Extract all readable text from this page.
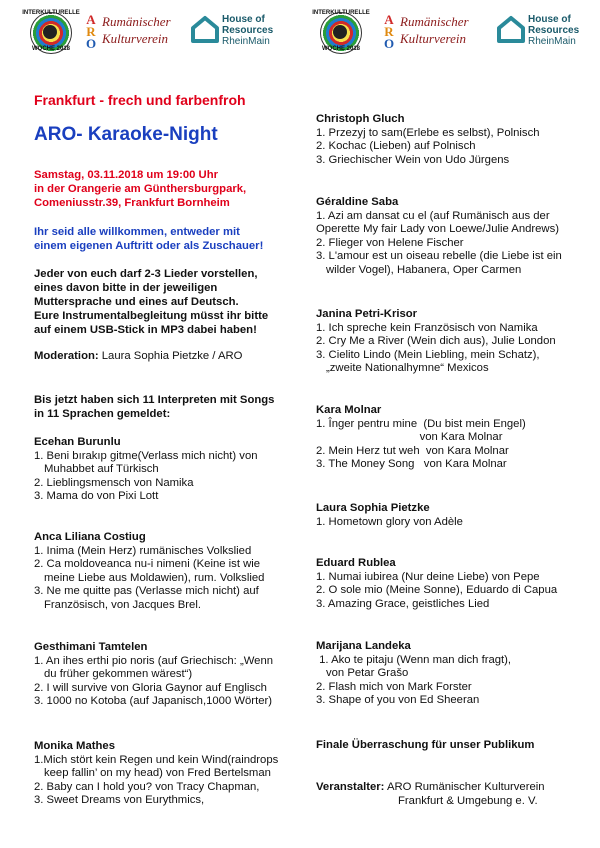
INTERKULTURELLE
WOCHE 2018
A
R
O
Rumänischer
Kulturverein
House of
Resources
RheinMain
INTERKULTURELLE
WOCHE 2018
A
R
O
Rumänischer
Kulturverein
House of
Resources
RheinMain
Frankfurt - frech und farbenfroh
ARO- Karaoke-Night
Samstag, 03.11.2018 um 19:00 Uhr
in der Orangerie am Günthersburgpark,
Comeniusstr.39, Frankfurt Bornheim
Ihr seid alle willkommen, entweder mit
einem eigenen Auftritt oder als Zuschauer!
Jeder von euch darf 2-3 Lieder vorstellen,
eines davon bitte in der jeweiligen
Muttersprache und eines auf Deutsch.
Eure Instrumentalbegleitung müsst ihr bitte
auf einem USB-Stick in MP3 dabei haben!
Moderation: Laura Sophia Pietzke / ARO
Bis jetzt haben sich 11 Interpreten mit Songs
in 11 Sprachen gemeldet:
Ecehan Burunlu
1. Beni bırakıp gitme(Verlass mich nicht) von
Muhabbet auf Türkisch
2. Lieblingsmensch von Namika
3. Mama do von Pixi Lott
Anca Liliana Costiug
1. Inima (Mein Herz) rumänisches Volkslied
2. Ca moldoveanca nu-i nimeni (Keine ist wie
meine Liebe aus Moldawien), rum. Volkslied
3. Ne me quitte pas (Verlasse mich nicht) auf
Französisch, von Jacques Brel.
Gesthimani Tamtelen
1. An ihes erthi pio noris (auf Griechisch: „Wenn
du früher gekommen wärest“)
2. I will survive von Gloria Gaynor auf Englisch
3. 1000 no Kotoba (auf Japanisch,1000 Wörter)
Monika Mathes
1.Mich stört kein Regen und kein Wind(raindrops
keep fallin’ on my head) von Fred Bertelsman
2. Baby can I hold you? von Tracy Chapman,
3. Sweet Dreams von Eurythmics,
Christoph Gluch
1. Przezyj to sam(Erlebe es selbst), Polnisch
2. Kochac (Lieben) auf Polnisch
3. Griechischer Wein von Udo Jürgens
Géraldine Saba
1. Azi am dansat cu el (auf Rumänisch aus der
Operette My fair Lady von Loewe/Julie Andrews)
2. Flieger von Helene Fischer
3. L'amour est un oiseau rebelle (die Liebe ist ein
wilder Vogel), Habanera, Oper Carmen
Janina Petri-Krisor
1. Ich spreche kein Französisch von Namika
2. Cry Me a River (Wein dich aus), Julie London
3. Cielito Lindo (Mein Liebling, mein Schatz),
„zweite Nationalhymne“ Mexicos
Kara Molnar
1. Înger pentru mine  (Du bist mein Engel)
von Kara Molnar
2. Mein Herz tut weh  von Kara Molnar
3. The Money Song   von Kara Molnar
Laura Sophia Pietzke
1. Hometown glory von Adèle
Eduard Rublea
1. Numai iubirea (Nur deine Liebe) von Pepe
2. O sole mio (Meine Sonne), Eduardo di Capua
3. Amazing Grace, geistliches Lied
Marijana Landeka
1. Ako te pitaju (Wenn man dich fragt),
von Petar Grašo
2. Flash mich von Mark Forster
3. Shape of you von Ed Sheeran
Finale Überraschung für unser Publikum
Veranstalter: ARO Rumänischer Kulturverein
Frankfurt & Umgebung e. V.
